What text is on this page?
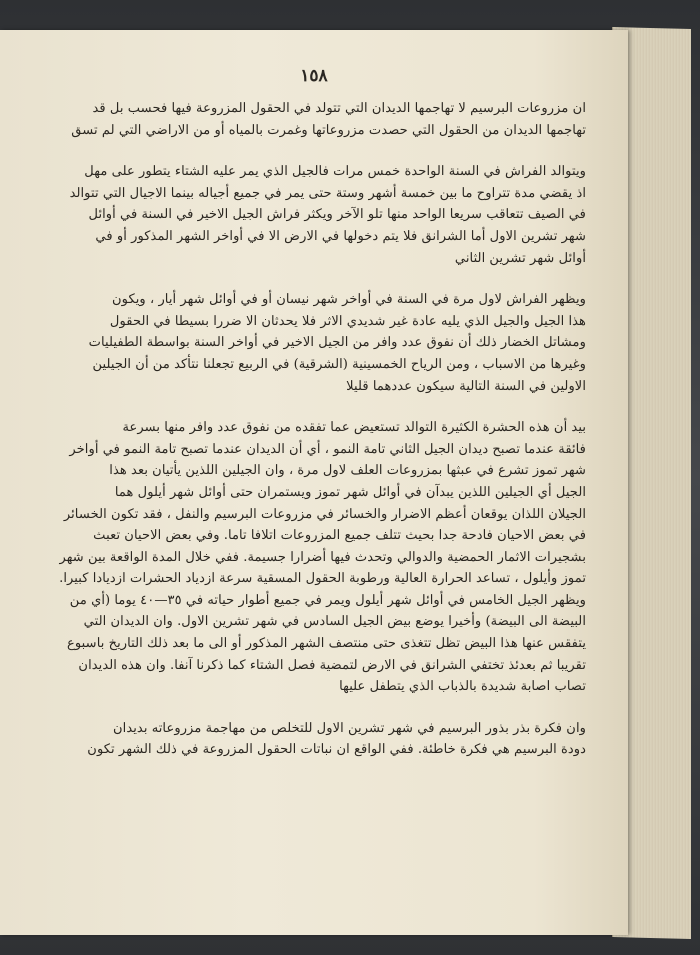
١٥٨

ان مزروعات البرسيم لا تهاجمها الديدان التي تتولد في الحقول المزروعة فيها فحسب بل قد
تهاجمها الديدان من الحقول التي حصدت مزروعاتها وغمرت بالمياه أو من الاراضي التي لم تسق

ويتوالد الفراش في السنة الواحدة خمس مرات فالجيل الذي يمر عليه الشتاء يتطور على مهل
اذ يقضي مدة تتراوح ما بين خمسة أشهر وستة حتى يمر في جميع أجياله بينما الاجيال التي تتوالد
في الصيف تتعاقب سريعا الواحد منها تلو الآخر ويكثر فراش الجيل الاخير في السنة في أوائل
شهر تشرين الاول أما الشرانق فلا يتم دخولها في الارض الا في أواخر الشهر المذكور أو في
أوائل شهر تشرين الثاني

ويظهر الفراش لاول مرة في السنة في أواخر شهر نيسان أو في أوائل شهر أيار ، ويكون
هذا الجيل والجيل الذي يليه عادة غير شديدي الاثر فلا يحدثان الا ضررا بسيطا في الحقول
ومشاتل الخضار ذلك أن نفوق عدد وافر من الجيل الاخير في أواخر السنة بواسطة الطفيليات
وغيرها من الاسباب ، ومن الرياح الخمسينية (الشرقية) في الربيع تجعلنا نتأكد من أن الجيلين
الاولين في السنة التالية سيكون عددهما قليلا

بيد أن هذه الحشرة الكثيرة التوالد تستعيض عما تفقده من نفوق عدد وافر منها بسرعة
فائقة عندما تصبح ديدان الجيل الثاني تامة النمو ، أي أن الديدان عندما تصبح تامة النمو في أواخر
شهر تموز تشرع في عبثها بمزروعات العلف لاول مرة ، وان الجيلين اللذين يأتيان بعد هذا
الجيل أي الجيلين اللذين يبدآن في أوائل شهر تموز ويستمران حتى أوائل شهر أيلول هما
الجيلان اللذان يوقعان أعظم الاضرار والخسائر في مزروعات البرسيم والنفل ، فقد تكون الخسائر
في بعض الاحيان فادحة جدا بحيث تتلف جميع المزروعات اتلافا تاما. وفي بعض الاحيان تعبث
بشجيرات الاثمار الحمضية والدوالي وتحدث فيها أضرارا جسيمة. ففي خلال المدة الواقعة بين شهر
تموز وأيلول ، تساعد الحرارة العالية ورطوبة الحقول المسقية سرعة ازدياد الحشرات ازديادا كبيرا.
ويظهر الجيل الخامس في أوائل شهر أيلول ويمر في جميع أطوار حياته في ٣٥—٤٠ يوما (أي من
البيضة الى البيضة) وأخيرا يوضع بيض الجيل السادس في شهر تشرين الاول. وان الديدان التي
يتفقس عنها هذا البيض تظل تتغذى حتى منتصف الشهر المذكور أو الى ما بعد ذلك التاريخ باسبوع
تقريبا ثم بعدئذ تختفي الشرانق في الارض لتمضية فصل الشتاء كما ذكرنا آنفا. وان هذه الديدان
تصاب اصابة شديدة بالذباب الذي يتطفل عليها

وان فكرة بذر بذور البرسيم في شهر تشرين الاول للتخلص من مهاجمة مزروعاته بديدان
دودة البرسيم هي فكرة خاطئة. ففي الواقع ان نباتات الحقول المزروعة في ذلك الشهر تكون
